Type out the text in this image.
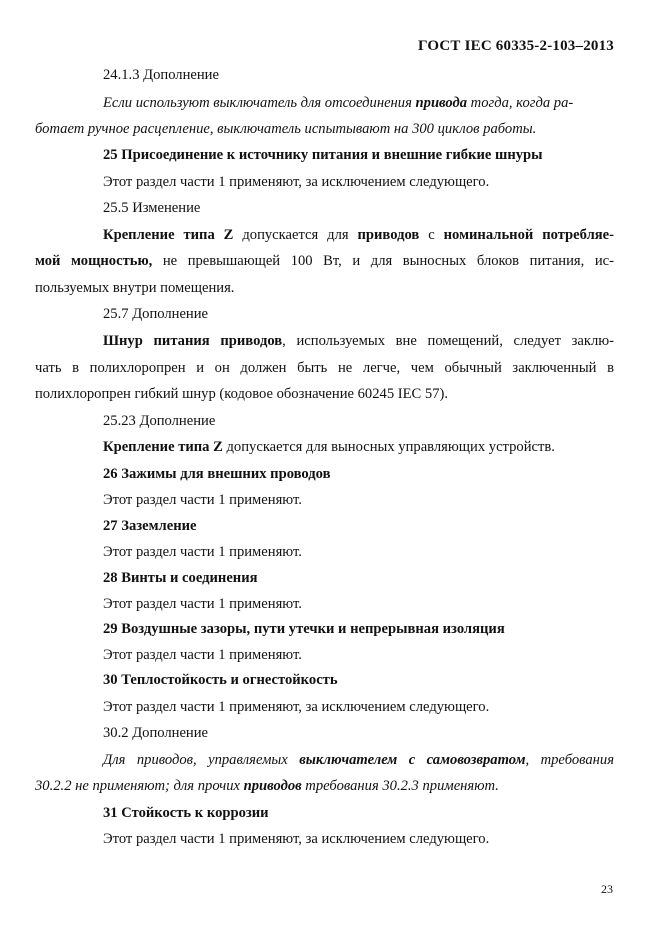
ГОСТ IEC 60335-2-103–2013
24.1.3 Дополнение
Если используют выключатель для отсоединения привода тогда, когда ра-
ботает ручное расцепление, выключатель испытывают на 300 циклов работы.
25 Присоединение к источнику питания и внешние гибкие шнуры
Этот раздел части 1 применяют, за исключением следующего.
25.5 Изменение
Крепление типа Z допускается для приводов с номинальной потребляе-
мой мощностью, не превышающей 100 Вт, и для выносных блоков питания, ис-
пользуемых внутри помещения.
25.7 Дополнение
Шнур питания приводов, используемых вне помещений, следует заклю-
чать в полихлоропрен и он должен быть не легче, чем обычный заключенный в
полихлоропрен гибкий шнур (кодовое обозначение 60245 IEC 57).
25.23 Дополнение
Крепление типа Z допускается для выносных управляющих устройств.
26 Зажимы для внешних проводов
Этот раздел части 1 применяют.
27 Заземление
Этот раздел части 1 применяют.
28 Винты и соединения
Этот раздел части 1 применяют.
29 Воздушные зазоры, пути утечки и непрерывная изоляция
Этот раздел части 1 применяют.
30 Теплостойкость и огнестойкость
Этот раздел части 1 применяют, за исключением следующего.
30.2 Дополнение
Для приводов, управляемых выключателем с самовозвратом, требования
30.2.2 не применяют; для прочих приводов требования 30.2.3 применяют.
31 Стойкость к коррозии
Этот раздел части 1 применяют, за исключением следующего.
23
